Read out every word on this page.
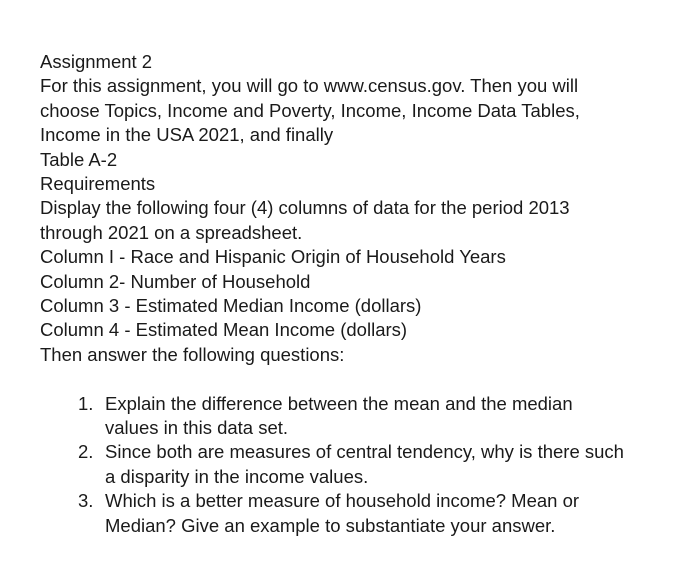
Assignment 2
For this assignment, you will go to www.census.gov. Then you will
choose Topics, Income and Poverty, Income, Income Data Tables,
Income in the USA 2021, and finally
Table A-2
Requirements
Display the following four (4) columns of data for the period 2013
through 2021 on a spreadsheet.
Column I - Race and Hispanic Origin of Household Years
Column 2- Number of Household
Column 3 - Estimated Median Income (dollars)
Column 4 - Estimated Mean Income (dollars)
Then answer the following questions:
1. Explain the difference between the mean and the median
values in this data set.
2. Since both are measures of central tendency, why is there such
a disparity in the income values.
3. Which is a better measure of household income? Mean or
Median? Give an example to substantiate your answer.
